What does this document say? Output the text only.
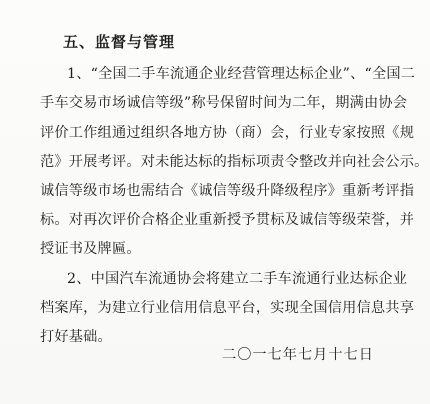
五、监督与管理
1、“全国二手车流通企业经营管理达标企业”、“全国二
手车交易市场诚信等级”称号保留时间为二年，期满由协会
评价工作组通过组织各地方协（商）会，行业专家按照《规
范》开展考评。对未能达标的指标项责令整改并向社会公示。
诚信等级市场也需结合《诚信等级升降级程序》重新考评指
标。对再次评价合格企业重新授予贯标及诚信等级荣誉，并
授证书及牌匾。
2、中国汽车流通协会将建立二手车流通行业达标企业
档案库，为建立行业信用信息平台，实现全国信用信息共享
打好基础。
二〇一七年七月十七日
